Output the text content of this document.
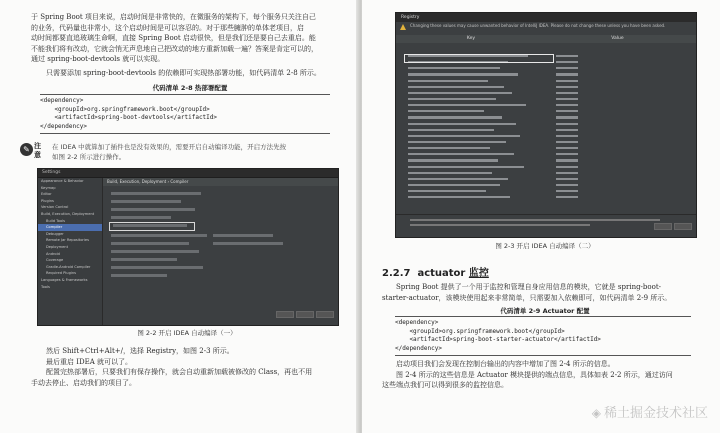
于 Spring Boot 项目来说，启动时间是非常快的，在微服务的架构下，每个服务只关注自己
的业务，代码量也非常小，这个启动时间是可以容忍的。对于那些臃肿的单体老项目，启
动时间都要直追玻璃生命啊，直接 Spring Boot 启动很快，但是我们还是要自己去重启。能
不能我们将有改动，它就会悄无声息地自己把改动的地方重新加载一遍？答案是肯定可以的，
通过 spring-boot-devtools 就可以实现。
只需要添加 spring-boot-devtools 的依赖即可实现热部署功能，如代码清单 2-8 所示。
代码清单 2-8 热部署配置
<dependency>
<groupId>org.springframework.boot</groupId>
<artifactId>spring-boot-devtools</artifactId>
</dependency>
✎ 注意
在 IDEA 中就算加了插件也是没有效果的，需要开启自动编译功能，开启方法先按
如图 2-2 所示进行操作。
Settings
Appearance & Behavior
Keymap
Editor
Plugins
Version Control
Build, Execution, Deployment
Build Tools
Compiler
Debugger
Remote Jar Repositories
Deployment
Android
Coverage
Gradle-Android Compiler
Required Plugins
Languages & Frameworks
Tools
Build, Execution, Deployment › Compiler
图 2-2 开启 IDEA 自动编译（一）
然后 Shift+Ctrl+Alt+/，选择 Registry，如图 2-3 所示。
最后重启 IDEA 就可以了。
配置完热部署后，只要我们有保存操作，就会自动重新加载被修改的 Class，再也不用
手动去停止、启动我们的项目了。
Registry
Changing these values may cause unwanted behavior of IntelliJ IDEA. Please do not change these unless you have been asked.
Key	Value
图 2-3 开启 IDEA 自动编译（二）
2.2.7 actuator 监控
Spring Boot 提供了一个用于监控和管理自身应用信息的模块，它就是 spring-boot-
starter-actuator，该模块使用起来非常简单，只需要加入依赖即可，如代码清单 2-9 所示。
代码清单 2-9 Actuator 配置
<dependency>
<groupId>org.springframework.boot</groupId>
<artifactId>spring-boot-starter-actuator</artifactId>
</dependency>
启动项目我们会发现在控制台输出的内容中增加了图 2-4 所示的信息。
图 2-4 所示的这些信息是 Actuator 模块提供的端点信息，具体如表 2-2 所示，通过访问
这些端点我们可以得到很多的监控信息。
◈ 稀土掘金技术社区
